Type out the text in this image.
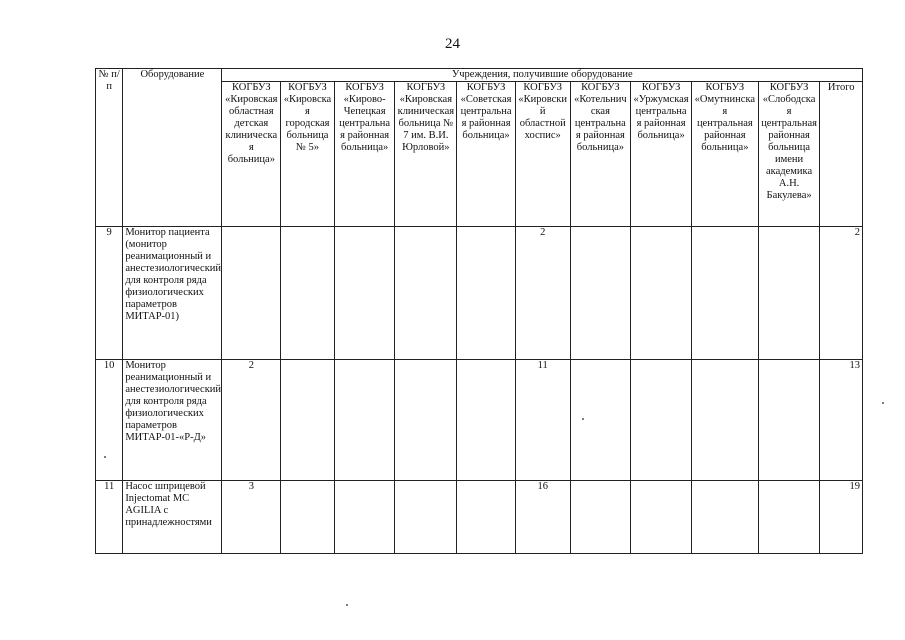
24
№ п/п	Оборудование	Учреждения, получившие оборудование										
		КОГБУЗ «Кировская областная детская клиническая больница»	КОГБУЗ «Кировская городская больница № 5»	КОГБУЗ «Кирово-Чепецкая центральная районная больница»	КОГБУЗ «Кировская клиническая больница № 7 им. В.И. Юрловой»	КОГБУЗ «Советская центральная районная больница»	КОГБУЗ «Кировский областной хоспис»	КОГБУЗ «Котельничская центральная районная больница»	КОГБУЗ «Уржумская центральная районная больница»	КОГБУЗ «Омутнинская центральная районная больница»	КОГБУЗ «Слободская центральная районная больница имени академика А.Н. Бакулева»	Итого
9	Монитор пациента (монитор реанимационный и анестезиологический для контроля ряда физиологических параметров МИТАР-01)						2					2
10	Монитор реанимационный и анестезиологический для контроля ряда физиологических параметров МИТАР-01-«Р-Д»	2					11					13
11	Насос шприцевой Injectomat MC AGILIA с принадлежностями	3					16					19
